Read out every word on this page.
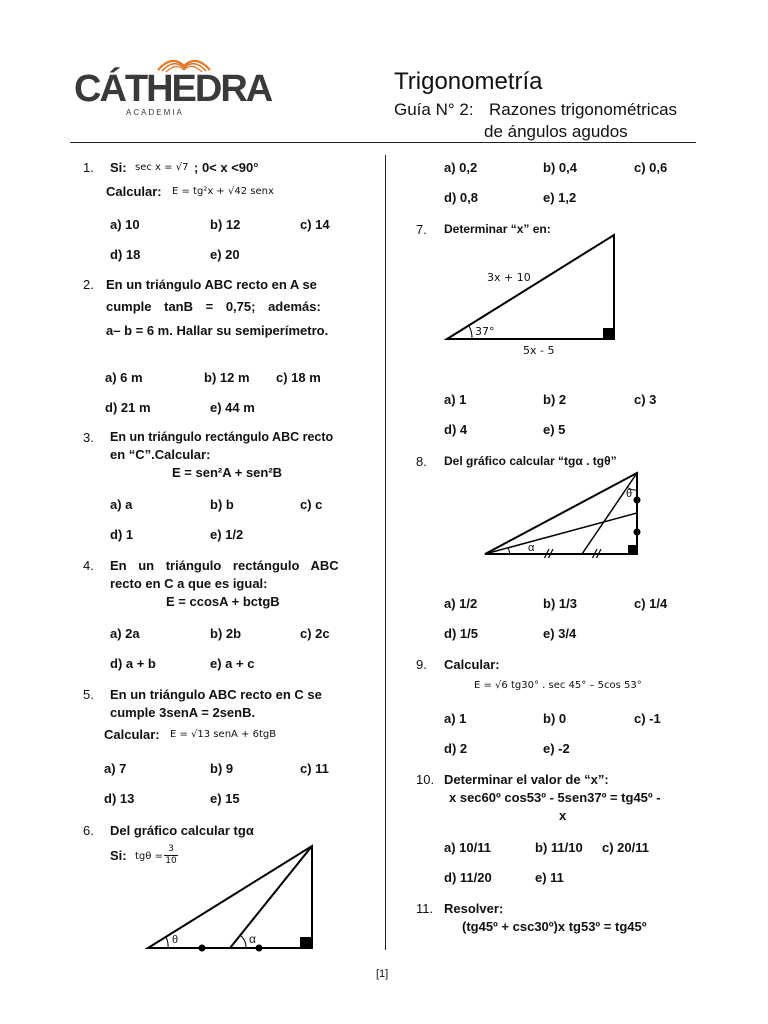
CÁTHEDRA
ACADEMIA
Trigonometría
Guía N° 2: Razones trigonométricas
de ángulos agudos
1. Si: sec x = √7 ; 0< x <90°
Calcular: E = tg²x + √42 senx
a) 10	b) 12	c) 14
d) 18	e) 20
2. En un triángulo ABC recto en A se
cumple tanB = 0,75; además:
a– b = 6 m. Hallar su semiperímetro.
a) 6 m	b) 12 m c) 18 m
d) 21 m	e) 44 m
3. En un triángulo rectángulo ABC recto
en “C”.Calcular:
E = sen²A + sen²B
a) a	b) b	c) c
d) 1	e) 1/2
4. En un triángulo rectángulo ABC
recto en C a que es igual:
E = ccosA + bctgB
a) 2a	b) 2b	c) 2c
d) a + b	e) a + c
5. En un triángulo ABC recto en C se
cumple 3senA = 2senB.
Calcular: E = √13 senA + 6tgB
a) 7	b) 9	c) 11
d) 13	e) 15
6. Del gráfico calcular tgα
Si: $tg\theta = \frac{3}{10}$
θ	α
a) 0,2	b) 0,4	c) 0,6
d) 0,8	e) 1,2
7. Determinar “x” en:
3x + 10
37°
5x - 5
a) 1	b) 2	c) 3
d) 4	e) 5
8. Del gráfico calcular “tgα . tgθ”
θ
α
a) 1/2	b) 1/3	c) 1/4
d) 1/5	e) 3/4
9. Calcular:
E = √6 tg30° . sec 45° – 5cos 53°
a) 1	b) 0	c) -1
d) 2	e) -2
10. Determinar el valor de “x”:
x sec60º cos53º - 5sen37º = tg45º -
x
a) 10/11	b) 11/10 c) 20/11
d) 11/20	e) 11
11. Resolver:
(tg45º + csc30º)x tg53º = tg45º
[1]
